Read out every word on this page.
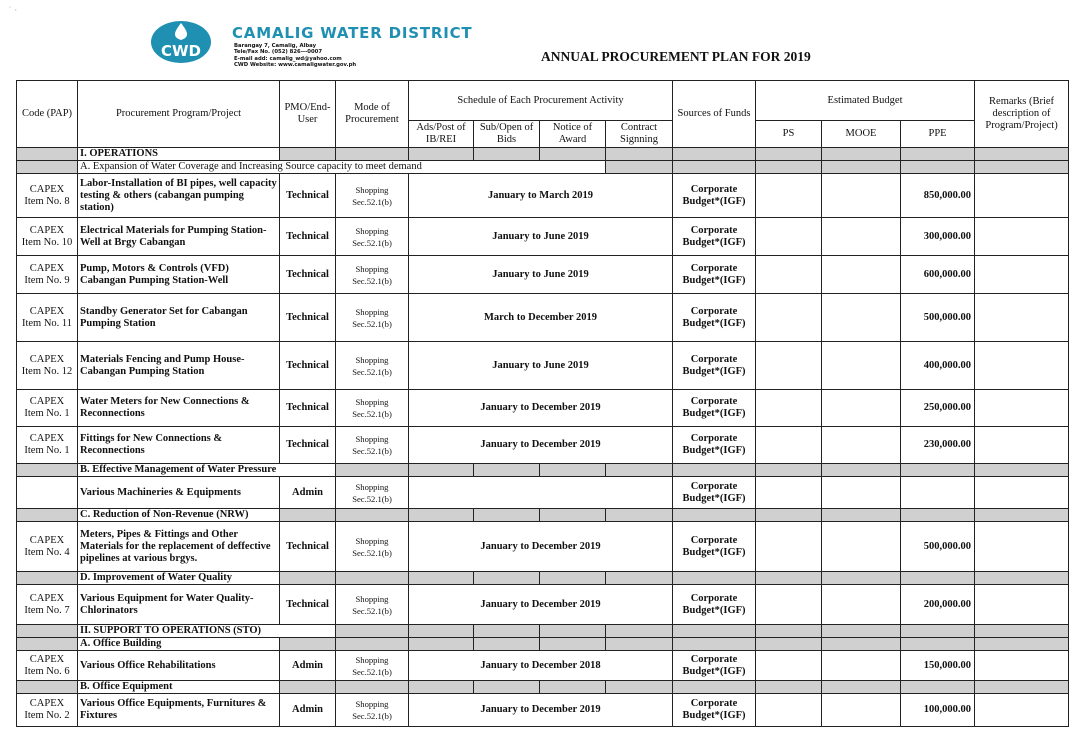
˙ ·
CWD
CAMALIG WATER DISTRICT
Barangay 7, Camalig, Albay
Tele/Fax No. (052) 826---0007
E-mail add: camalig_wd@yahoo.com
CWD Website: www.camaligwater.gov.ph
ANNUAL PROCUREMENT PLAN FOR 2019
Code (PAP)	Procurement Program/Project	PMO/End-User	Mode of Procurement	Schedule of Each Procurement Activity				Sources of Funds	Estimated Budget			Remarks (Brief description of Program/Project)
				Ads/Post of IB/REI	Sub/Open of Bids	Notice of Award	Contract Signning		PS	MOOE	PPE	
	I. OPERATIONS											
	A. Expansion of Water Coverage and Increasing Source capacity to meet demand											
CAPEX Item No. 8	Labor-Installation of BI pipes, well capacity testing & others (cabangan pumping station)	Technical	Shopping Sec.52.1(b)	January to March 2019				Corporate Budget*(IGF)			850,000.00	
CAPEX Item No. 10	Electrical Materials for Pumping Station-Well at Brgy Cabangan	Technical	Shopping Sec.52.1(b)	January to June 2019				Corporate Budget*(IGF)			300,000.00	
CAPEX Item No. 9	Pump, Motors & Controls (VFD) Cabangan Pumping Station-Well	Technical	Shopping Sec.52.1(b)	January to June 2019				Corporate Budget*(IGF)			600,000.00	
CAPEX Item No. 11	Standby Generator Set for Cabangan Pumping Station	Technical	Shopping Sec.52.1(b)	March to December 2019				Corporate Budget*(IGF)			500,000.00	
CAPEX Item No. 12	Materials Fencing and Pump House-Cabangan Pumping Station	Technical	Shopping Sec.52.1(b)	January to June 2019				Corporate Budget*(IGF)			400,000.00	
CAPEX Item No. 1	Water Meters for New Connections & Reconnections	Technical	Shopping Sec.52.1(b)	January to December 2019				Corporate Budget*(IGF)			250,000.00	
CAPEX Item No. 1	Fittings for New Connections & Reconnections	Technical	Shopping Sec.52.1(b)	January to December 2019				Corporate Budget*(IGF)			230,000.00	
	B. Effective Management of Water Pressure											
	Various Machineries & Equipments	Admin	Shopping Sec.52.1(b)					Corporate Budget*(IGF)				
	C. Reduction of Non-Revenue (NRW)											
CAPEX Item No. 4	Meters, Pipes & Fittings and Other Materials for the replacement of deffective pipelines at various brgys.	Technical	Shopping Sec.52.1(b)	January to December 2019				Corporate Budget*(IGF)			500,000.00	
	D. Improvement of Water Quality											
CAPEX Item No. 7	Various Equipment for Water Quality-Chlorinators	Technical	Shopping Sec.52.1(b)	January to December 2019				Corporate Budget*(IGF)			200,000.00	
	II. SUPPORT TO OPERATIONS (STO)											
	A. Office Building											
CAPEX Item No. 6	Various Office Rehabilitations	Admin	Shopping Sec.52.1(b)	January to December 2018				Corporate Budget*(IGF)			150,000.00	
	B. Office Equipment											
CAPEX Item No. 2	Various Office Equipments, Furnitures & Fixtures	Admin	Shopping Sec.52.1(b)	January to December 2019				Corporate Budget*(IGF)			100,000.00	
